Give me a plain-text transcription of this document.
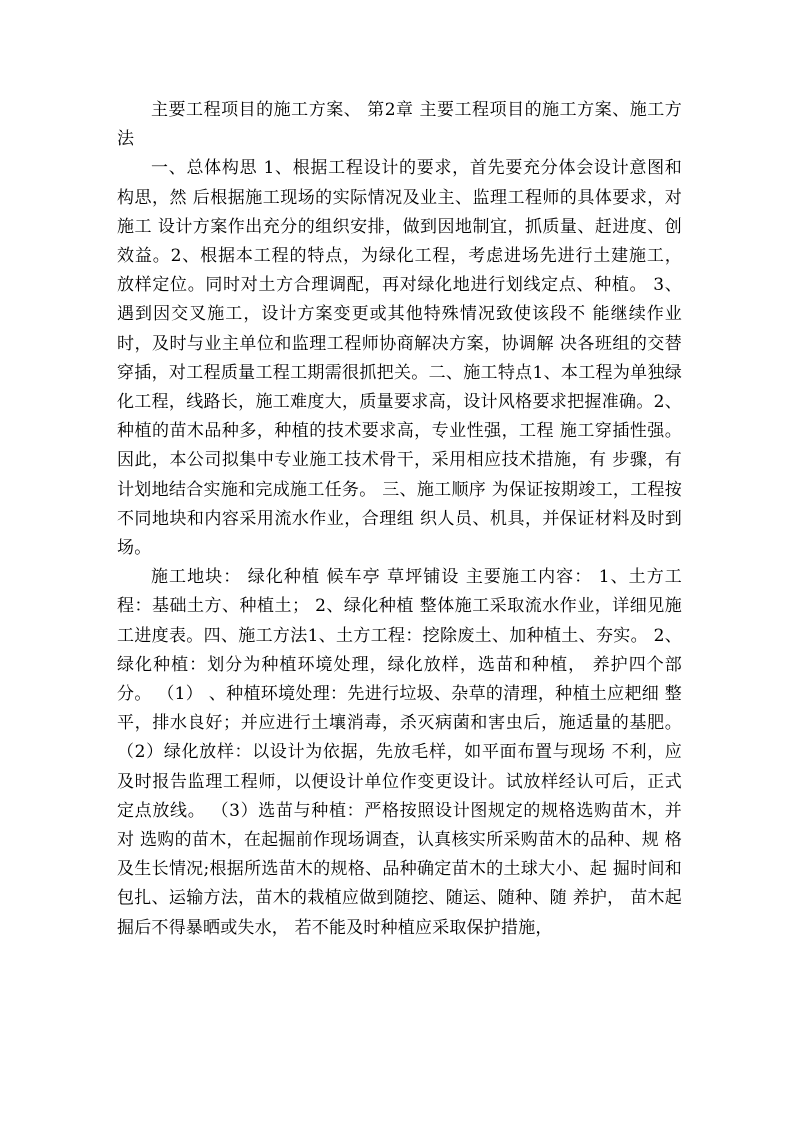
主要工程项目的施工方案、 第2章 主要工程项目的施工方案、施工方法

一、总体构思 1、根据工程设计的要求，首先要充分体会设计意图和构思，然 后根据施工现场的实际情况及业主、监理工程师的具体要求，对施工 设计方案作出充分的组织安排，做到因地制宜，抓质量、赶进度、创效益。2、根据本工程的特点，为绿化工程，考虑进场先进行土建施工， 放样定位。同时对土方合理调配，再对绿化地进行划线定点、种植。 3、遇到因交叉施工，设计方案变更或其他特殊情况致使该段不 能继续作业时，及时与业主单位和监理工程师协商解决方案，协调解 决各班组的交替穿插，对工程质量工程工期需很抓把关。二、施工特点1、本工程为单独绿化工程，线路长，施工难度大，质量要求高，设计风格要求把握准确。2、种植的苗木品种多，种植的技术要求高，专业性强，工程 施工穿插性强。 因此，本公司拟集中专业施工技术骨干，采用相应技术措施，有 步骤，有计划地结合实施和完成施工任务。 三、施工顺序 为保证按期竣工，工程按不同地块和内容采用流水作业，合理组 织人员、机具，并保证材料及时到场。

施工地块： 绿化种植 候车亭 草坪铺设 主要施工内容： 1、土方工程：基础土方、种植土； 2、绿化种植 整体施工采取流水作业，详细见施工进度表。四、施工方法1、土方工程：挖除废土、加种植土、夯实。 2、绿化种植：划分为种植环境处理，绿化放样，选苗和种植， 养护四个部分。 （1） 、种植环境处理：先进行垃圾、杂草的清理，种植土应耙细 整平，排水良好；并应进行土壤消毒，杀灭病菌和害虫后，施适量的基肥。（2）绿化放样：以设计为依据，先放毛样，如平面布置与现场 不利，应及时报告监理工程师，以便设计单位作变更设计。试放样经认可后，正式定点放线。 （3）选苗与种植：严格按照设计图规定的规格选购苗木，并对 选购的苗木，在起掘前作现场调查，认真核实所采购苗木的品种、规 格及生长情况;根据所选苗木的规格、品种确定苗木的土球大小、起 掘时间和包扎、运输方法，苗木的栽植应做到随挖、随运、随种、随 养护， 苗木起掘后不得暴晒或失水， 若不能及时种植应采取保护措施，
